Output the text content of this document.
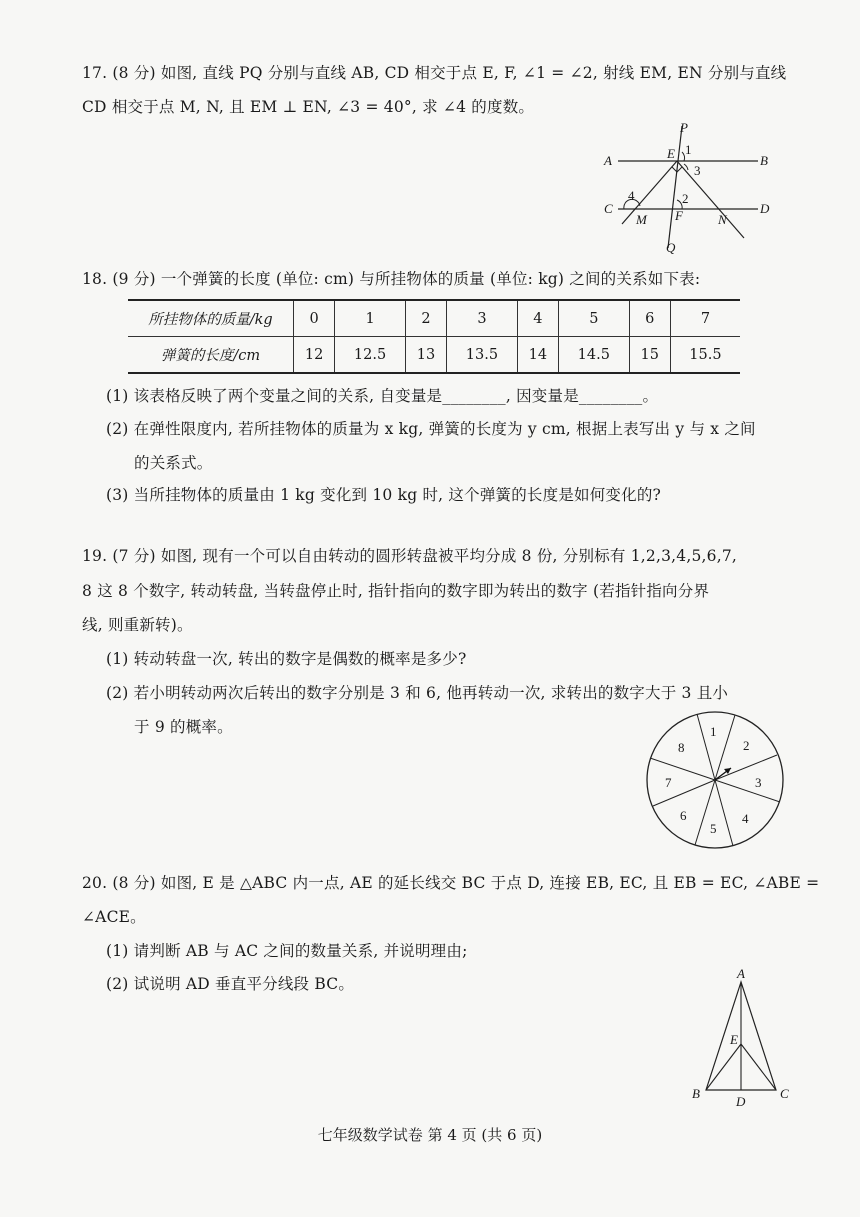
17. (8 分) 如图, 直线 PQ 分别与直线 AB, CD 相交于点 E, F, ∠1 = ∠2, 射线 EM, EN 分别与直线
CD 相交于点 M, N, 且 EM ⊥ EN, ∠3 = 40°, 求 ∠4 的度数。
P
A	B
E 1
3
4	2
C
M F	N
D
Q
18. (9 分) 一个弹簧的长度 (单位: cm) 与所挂物体的质量 (单位: kg) 之间的关系如下表:
所挂物体的质量/kg	0	1	2	3	4	5	6	7
弹簧的长度/cm	12	12.5	13	13.5	14	14.5	15	15.5
(1) 该表格反映了两个变量之间的关系, 自变量是________, 因变量是________。
(2) 在弹性限度内, 若所挂物体的质量为 x kg, 弹簧的长度为 y cm, 根据上表写出 y 与 x 之间
的关系式。
(3) 当所挂物体的质量由 1 kg 变化到 10 kg 时, 这个弹簧的长度是如何变化的?
19. (7 分) 如图, 现有一个可以自由转动的圆形转盘被平均分成 8 份, 分别标有 1,2,3,4,5,6,7,
8 这 8 个数字, 转动转盘, 当转盘停止时, 指针指向的数字即为转出的数字 (若指针指向分界
线, 则重新转)。
(1) 转动转盘一次, 转出的数字是偶数的概率是多少?
(2) 若小明转动两次后转出的数字分别是 3 和 6, 他再转动一次, 求转出的数字大于 3 且小
于 9 的概率。	1
2
3
4
5
6
7
8
20. (8 分) 如图, E 是 △ABC 内一点, AE 的延长线交 BC 于点 D, 连接 EB, EC, 且 EB = EC, ∠ABE =
∠ACE。
(1) 请判断 AB 与 AC 之间的数量关系, 并说明理由;
(2) 试说明 AD 垂直平分线段 BC。
A
E
B
D
C
七年级数学试卷 第 4 页 (共 6 页)
